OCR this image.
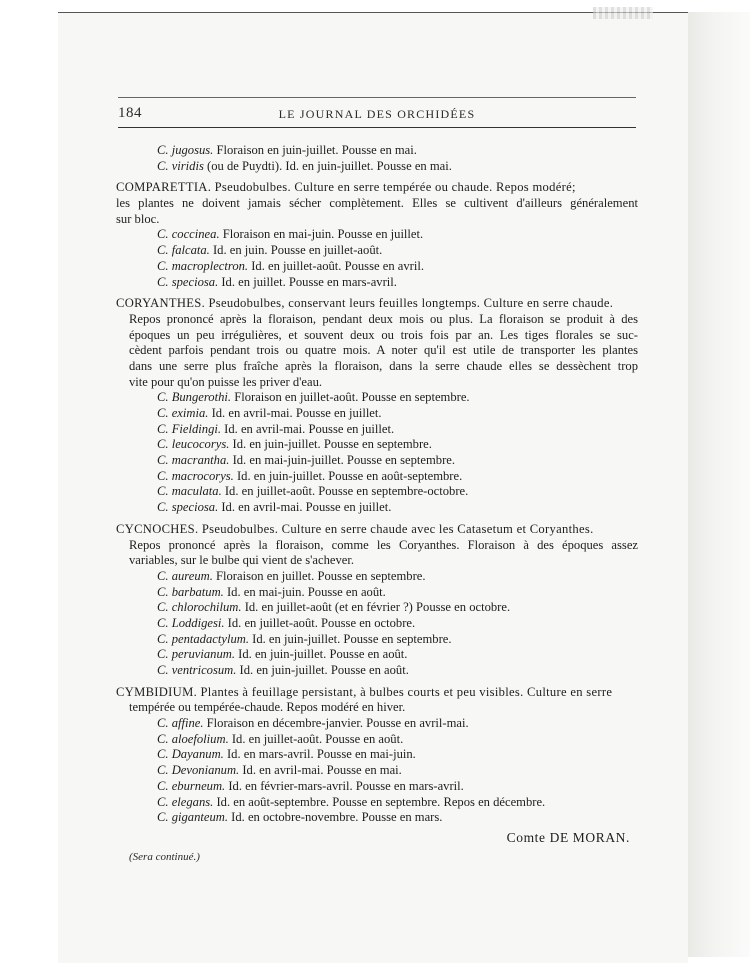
184	LE JOURNAL DES ORCHIDÉES
C. jugosus. Floraison en juin-juillet. Pousse en mai.
C. viridis (ou de Puydti). Id. en juin-juillet. Pousse en mai.
COMPARETTIA. Pseudobulbes. Culture en serre tempérée ou chaude. Repos modéré;
les plantes ne doivent jamais sécher complètement. Elles se cultivent d'ailleurs généralement
sur bloc.
C. coccinea. Floraison en mai-juin. Pousse en juillet.
C. falcata. Id. en juin. Pousse en juillet-août.
C. macroplectron. Id. en juillet-août. Pousse en avril.
C. speciosa. Id. en juillet. Pousse en mars-avril.
CORYANTHES. Pseudobulbes, conservant leurs feuilles longtemps. Culture en serre chaude.
Repos prononcé après la floraison, pendant deux mois ou plus. La floraison se produit à des
époques un peu irrégulières, et souvent deux ou trois fois par an. Les tiges florales se suc-
cèdent parfois pendant trois ou quatre mois. A noter qu'il est utile de transporter les plantes
dans une serre plus fraîche après la floraison, dans la serre chaude elles se dessèchent trop
vite pour qu'on puisse les priver d'eau.
C. Bungerothi. Floraison en juillet-août. Pousse en septembre.
C. eximia. Id. en avril-mai. Pousse en juillet.
C. Fieldingi. Id. en avril-mai. Pousse en juillet.
C. leucocorys. Id. en juin-juillet. Pousse en septembre.
C. macrantha. Id. en mai-juin-juillet. Pousse en septembre.
C. macrocorys. Id. en juin-juillet. Pousse en août-septembre.
C. maculata. Id. en juillet-août. Pousse en septembre-octobre.
C. speciosa. Id. en avril-mai. Pousse en juillet.
CYCNOCHES. Pseudobulbes. Culture en serre chaude avec les Catasetum et Coryanthes.
Repos prononcé après la floraison, comme les Coryanthes. Floraison à des époques assez
variables, sur le bulbe qui vient de s'achever.
C. aureum. Floraison en juillet. Pousse en septembre.
C. barbatum. Id. en mai-juin. Pousse en août.
C. chlorochilum. Id. en juillet-août (et en février ?) Pousse en octobre.
C. Loddigesi. Id. en juillet-août. Pousse en octobre.
C. pentadactylum. Id. en juin-juillet. Pousse en septembre.
C. peruvianum. Id. en juin-juillet. Pousse en août.
C. ventricosum. Id. en juin-juillet. Pousse en août.
CYMBIDIUM. Plantes à feuillage persistant, à bulbes courts et peu visibles. Culture en serre
tempérée ou tempérée-chaude. Repos modéré en hiver.
C. affine. Floraison en décembre-janvier. Pousse en avril-mai.
C. aloefolium. Id. en juillet-août. Pousse en août.
C. Dayanum. Id. en mars-avril. Pousse en mai-juin.
C. Devonianum. Id. en avril-mai. Pousse en mai.
C. eburneum. Id. en février-mars-avril. Pousse en mars-avril.
C. elegans. Id. en août-septembre. Pousse en septembre. Repos en décembre.
C. giganteum. Id. en octobre-novembre. Pousse en mars.
Comte DE MORAN.
(Sera continué.)
